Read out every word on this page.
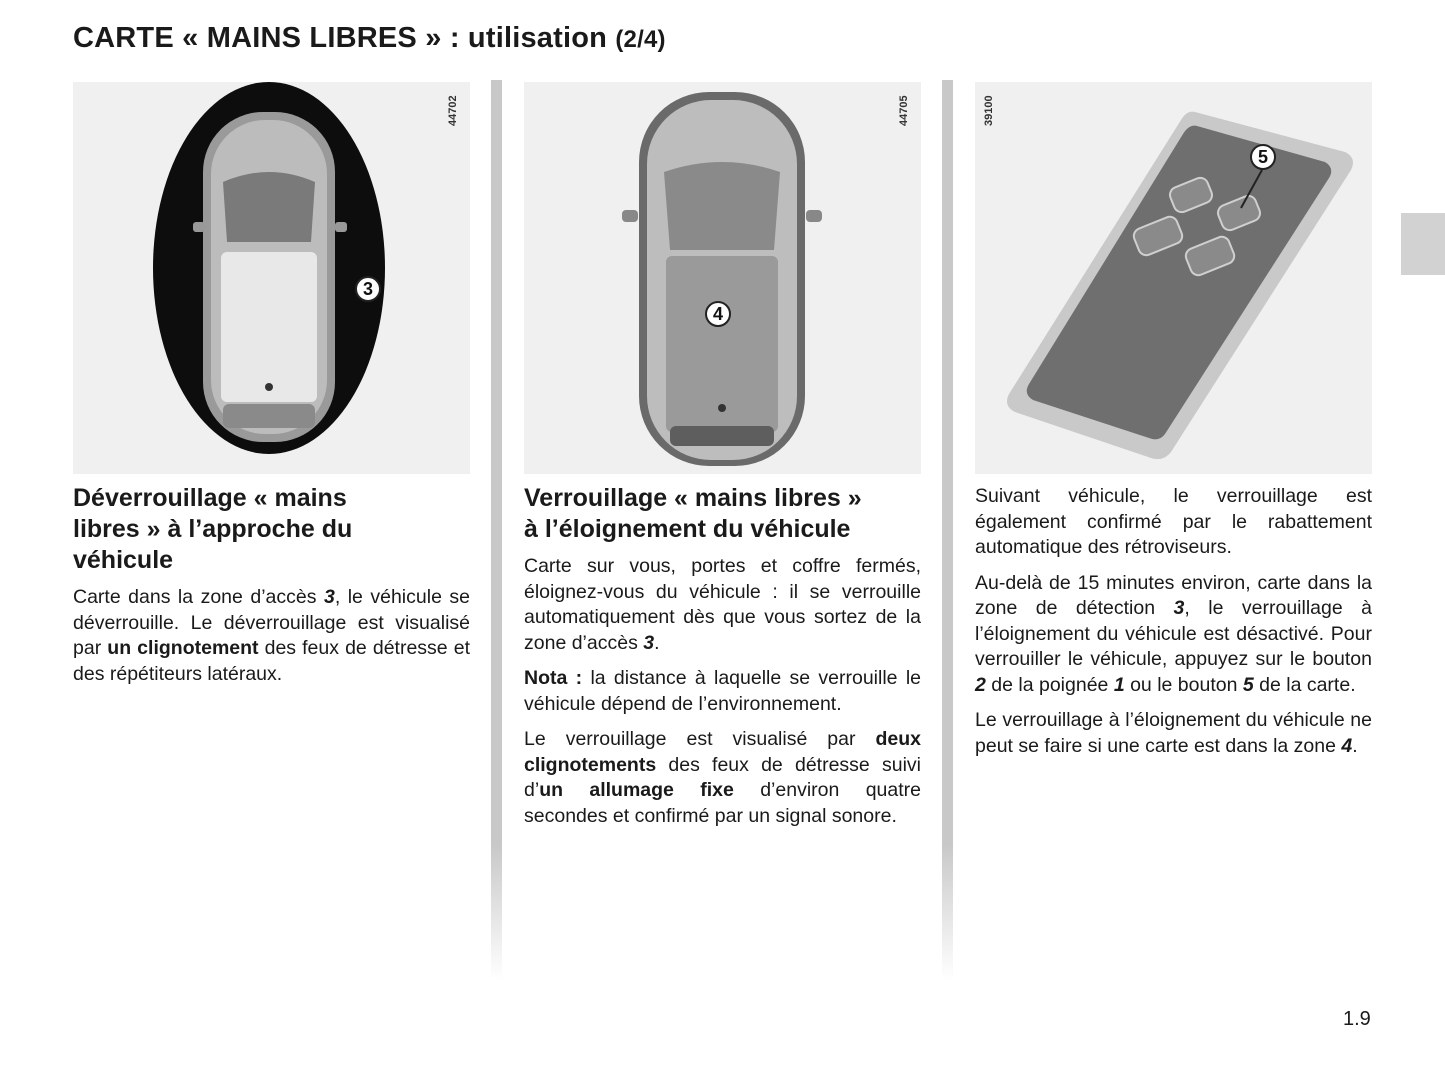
CARTE « MAINS LIBRES » : utilisation (2/4)
44702
3
44705
4
39100
5
Déverrouillage « mains
libres » à l’approche du
véhicule

Carte dans la zone d’accès 3, le véhicule se déverrouille. Le déverrouillage est visualisé par un clignotement des feux de détresse et des répétiteurs latéraux.

Verrouillage « mains libres »
à l’éloignement du véhicule

Carte sur vous, portes et coffre fermés, éloignez-vous du véhicule : il se verrouille automatiquement dès que vous sortez de la zone d’accès 3.

Nota : la distance à laquelle se verrouille le véhicule dépend de l’environnement.

Le verrouillage est visualisé par deux clignotements des feux de détresse suivi d’un allumage fixe d’environ quatre secondes et confirmé par un signal sonore.

Suivant véhicule, le verrouillage est également confirmé par le rabattement automatique des rétroviseurs.

Au-delà de 15 minutes environ, carte dans la zone de détection 3, le verrouillage à l’éloignement du véhicule est désactivé. Pour verrouiller le véhicule, appuyez sur le bouton 2 de la poignée 1 ou le bouton 5 de la carte.

Le verrouillage à l’éloignement du véhicule ne peut se faire si une carte est dans la zone 4.

1.9
